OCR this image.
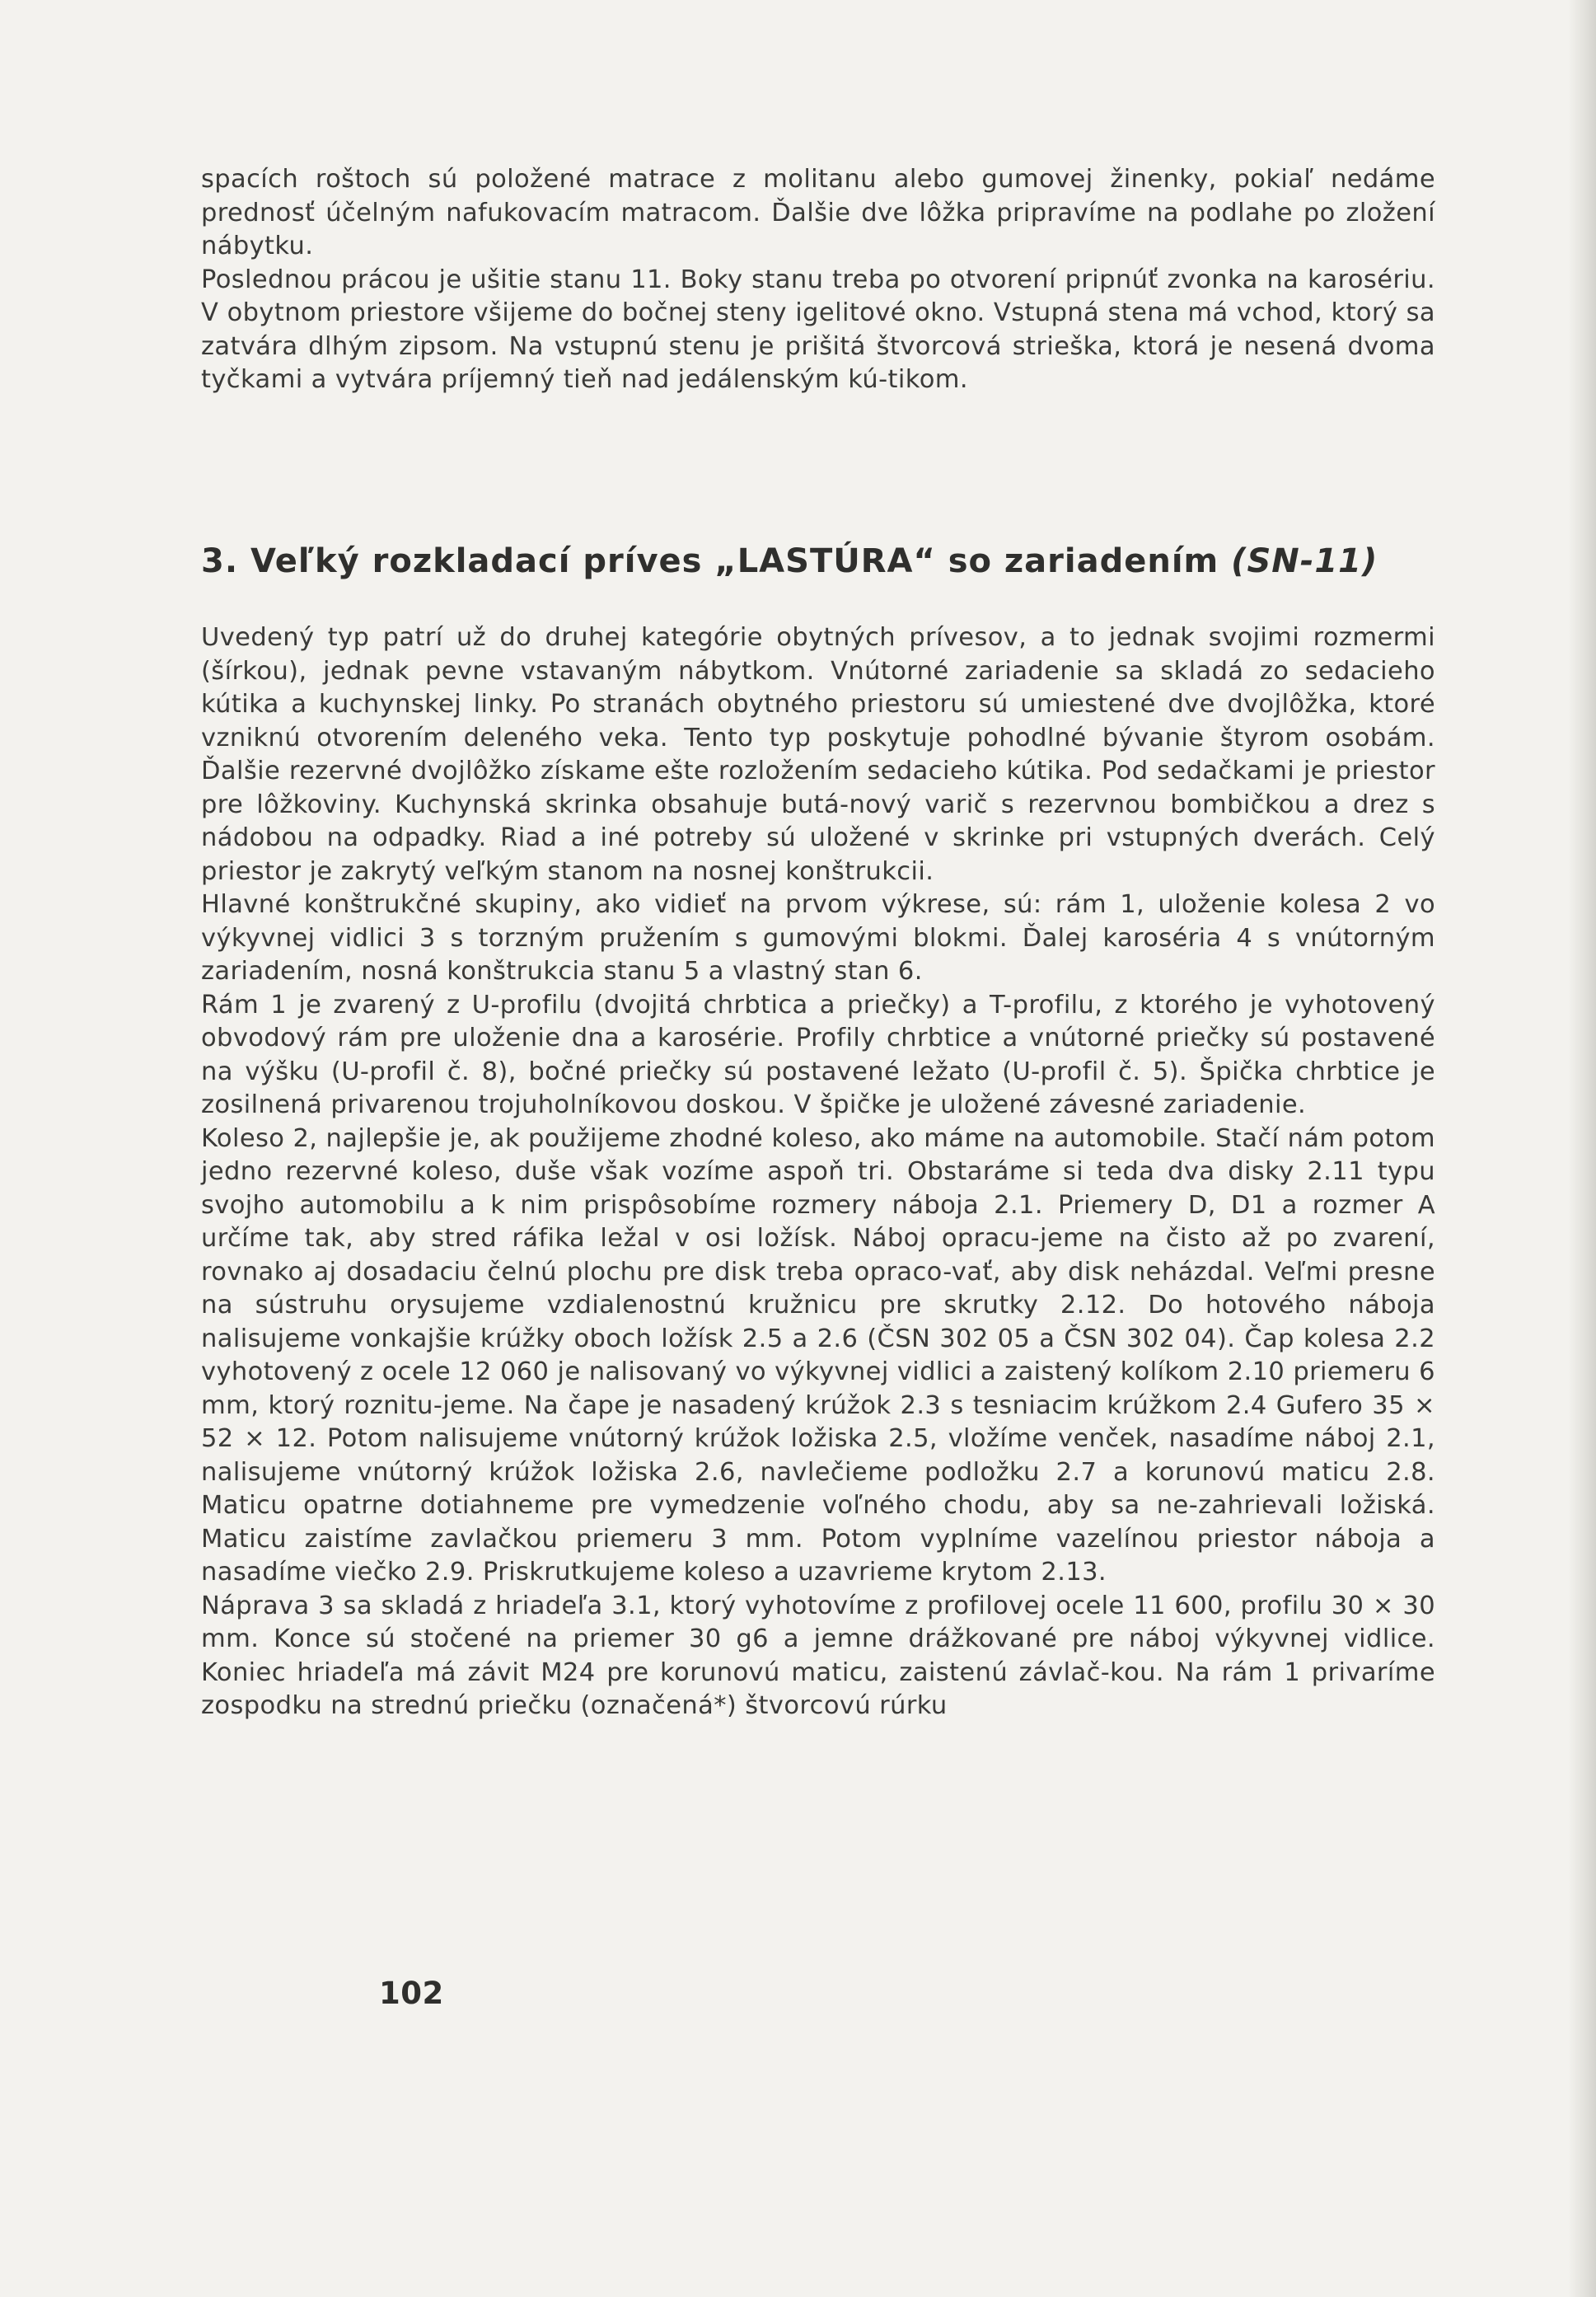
spacích roštoch sú položené matrace z molitanu alebo gumovej žinenky, pokiaľ nedáme prednosť účelným nafukovacím matracom. Ďalšie dve lôžka pripravíme na podlahe po zložení nábytku.

Poslednou prácou je ušitie stanu 11. Boky stanu treba po otvorení pripnúť zvonka na karosériu. V obytnom priestore všijeme do bočnej steny igelitové okno. Vstupná stena má vchod, ktorý sa zatvára dlhým zipsom. Na vstupnú stenu je prišitá štvorcová strieška, ktorá je nesená dvoma tyčkami a vytvára príjemný tieň nad jedálenským kú-tikom.

3. Veľký rozkladací príves „LASTÚRA“ so zariadením (SN-11)

Uvedený typ patrí už do druhej kategórie obytných prívesov, a to jednak svojimi rozmermi (šírkou), jednak pevne vstavaným nábytkom. Vnútorné zariadenie sa skladá zo sedacieho kútika a kuchynskej linky. Po stranách obytného priestoru sú umiestené dve dvojlôžka, ktoré vzniknú otvorením deleného veka. Tento typ poskytuje pohodlné bývanie štyrom osobám. Ďalšie rezervné dvojlôžko získame ešte rozložením sedacieho kútika. Pod sedačkami je priestor pre lôžkoviny. Kuchynská skrinka obsahuje butá-nový varič s rezervnou bombičkou a drez s nádobou na odpadky. Riad a iné potreby sú uložené v skrinke pri vstupných dverách. Celý priestor je zakrytý veľkým stanom na nosnej konštrukcii.

Hlavné konštrukčné skupiny, ako vidieť na prvom výkrese, sú: rám 1, uloženie kolesa 2 vo výkyvnej vidlici 3 s torzným pružením s gumovými blokmi. Ďalej karoséria 4 s vnútorným zariadením, nosná konštrukcia stanu 5 a vlastný stan 6.

Rám 1 je zvarený z U-profilu (dvojitá chrbtica a priečky) a T-profilu, z ktorého je vyhotovený obvodový rám pre uloženie dna a karosérie. Profily chrbtice a vnútorné priečky sú postavené na výšku (U-profil č. 8), bočné priečky sú postavené ležato (U-profil č. 5). Špička chrbtice je zosilnená privarenou trojuholníkovou doskou. V špičke je uložené závesné zariadenie.

Koleso 2, najlepšie je, ak použijeme zhodné koleso, ako máme na automobile. Stačí nám potom jedno rezervné koleso, duše však vozíme aspoň tri. Obstaráme si teda dva disky 2.11 typu svojho automobilu a k nim prispôsobíme rozmery náboja 2.1. Priemery D, D1 a rozmer A určíme tak, aby stred ráfika ležal v osi ložísk. Náboj opracu-jeme na čisto až po zvarení, rovnako aj dosadaciu čelnú plochu pre disk treba opraco-vať, aby disk neházdal. Veľmi presne na sústruhu orysujeme vzdialenostnú kružnicu pre skrutky 2.12. Do hotového náboja nalisujeme vonkajšie krúžky oboch ložísk 2.5 a 2.6 (ČSN 302 05 a ČSN 302 04). Čap kolesa 2.2 vyhotovený z ocele 12 060 je nalisovaný vo výkyvnej vidlici a zaistený kolíkom 2.10 priemeru 6 mm, ktorý roznitu-jeme. Na čape je nasadený krúžok 2.3 s tesniacim krúžkom 2.4 Gufero 35 × 52 × 12. Potom nalisujeme vnútorný krúžok ložiska 2.5, vložíme venček, nasadíme náboj 2.1, nalisujeme vnútorný krúžok ložiska 2.6, navlečieme podložku 2.7 a korunovú maticu 2.8. Maticu opatrne dotiahneme pre vymedzenie voľného chodu, aby sa ne-zahrievali ložiská. Maticu zaistíme zavlačkou priemeru 3 mm. Potom vyplníme vazelínou priestor náboja a nasadíme viečko 2.9. Priskrutkujeme koleso a uzavrieme krytom 2.13.

Náprava 3 sa skladá z hriadeľa 3.1, ktorý vyhotovíme z profilovej ocele 11 600, profilu 30 × 30 mm. Konce sú stočené na priemer 30 g6 a jemne drážkované pre náboj výkyvnej vidlice. Koniec hriadeľa má závit M24 pre korunovú maticu, zaistenú závlač-kou. Na rám 1 privaríme zospodku na strednú priečku (označená*) štvorcovú rúrku

102
